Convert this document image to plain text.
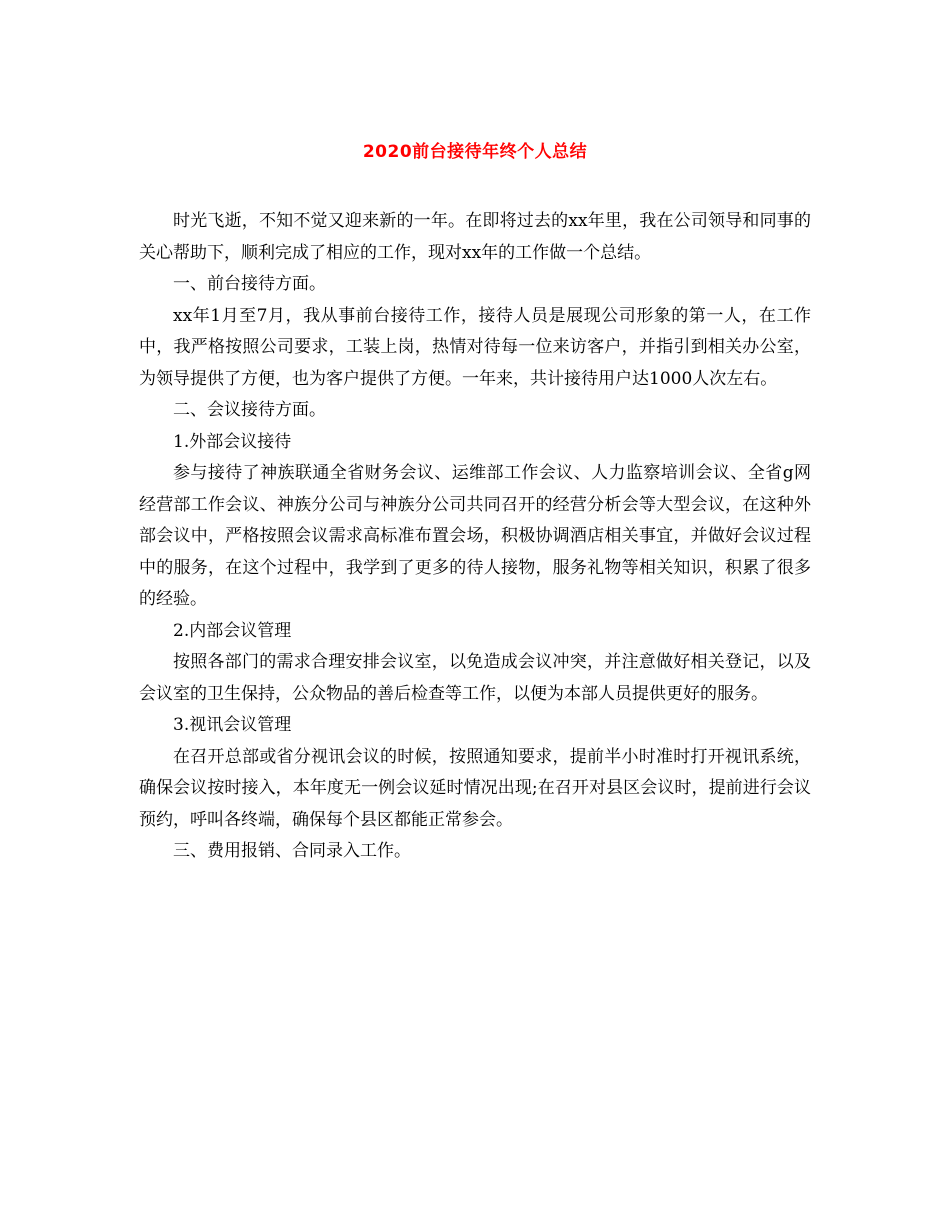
2020前台接待年终个人总结

时光飞逝，不知不觉又迎来新的一年。在即将过去的xx年里，我在公司领导和同事的关心帮助下，顺利完成了相应的工作，现对xx年的工作做一个总结。

一、前台接待方面。

xx年1月至7月，我从事前台接待工作，接待人员是展现公司形象的第一人，在工作中，我严格按照公司要求，工装上岗，热情对待每一位来访客户，并指引到相关办公室，为领导提供了方便，也为客户提供了方便。一年来，共计接待用户达1000人次左右。

二、会议接待方面。

1.外部会议接待

参与接待了神族联通全省财务会议、运维部工作会议、人力监察培训会议、全省g网经营部工作会议、神族分公司与神族分公司共同召开的经营分析会等大型会议，在这种外部会议中，严格按照会议需求高标准布置会场，积极协调酒店相关事宜，并做好会议过程中的服务，在这个过程中，我学到了更多的待人接物，服务礼物等相关知识，积累了很多的经验。

2.内部会议管理

按照各部门的需求合理安排会议室，以免造成会议冲突，并注意做好相关登记，以及会议室的卫生保持，公众物品的善后检查等工作，以便为本部人员提供更好的服务。

3.视讯会议管理

在召开总部或省分视讯会议的时候，按照通知要求，提前半小时准时打开视讯系统，确保会议按时接入，本年度无一例会议延时情况出现;在召开对县区会议时，提前进行会议预约，呼叫各终端，确保每个县区都能正常参会。

三、费用报销、合同录入工作。
